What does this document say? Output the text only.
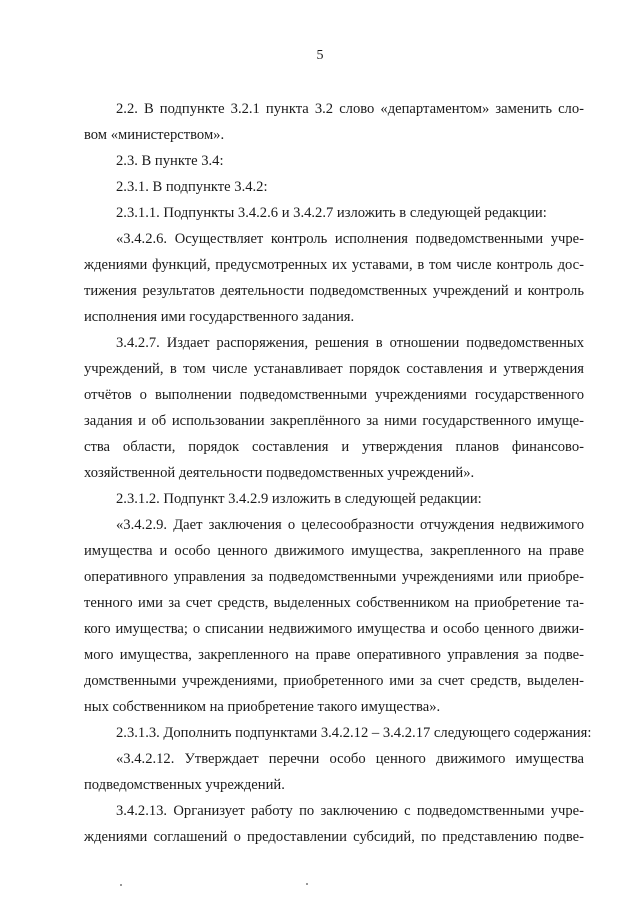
5
2.2. В подпункте 3.2.1 пункта 3.2 слово «департаментом» заменить сло-
вом «министерством».
2.3. В пункте 3.4:
2.3.1. В подпункте 3.4.2:
2.3.1.1. Подпункты 3.4.2.6 и 3.4.2.7 изложить в следующей редакции:
«3.4.2.6. Осуществляет контроль исполнения подведомственными учре-
ждениями функций, предусмотренных их уставами, в том числе контроль дос-
тижения результатов деятельности подведомственных учреждений и контроль
исполнения ими государственного задания.
3.4.2.7. Издает распоряжения, решения в отношении подведомственных
учреждений, в том числе устанавливает порядок составления и утверждения
отчётов о выполнении подведомственными учреждениями государственного
задания и об использовании закреплённого за ними государственного имуще-
ства области, порядок составления и утверждения планов финансово-
хозяйственной деятельности подведомственных учреждений».
2.3.1.2. Подпункт 3.4.2.9 изложить в следующей редакции:
«3.4.2.9. Дает заключения о целесообразности отчуждения недвижимого
имущества и особо ценного движимого имущества, закрепленного на праве
оперативного управления за подведомственными учреждениями или приобре-
тенного ими за счет средств, выделенных собственником на приобретение та-
кого имущества; о списании недвижимого имущества и особо ценного движи-
мого имущества, закрепленного на праве оперативного управления за подве-
домственными учреждениями, приобретенного ими за счет средств, выделен-
ных собственником на приобретение такого имущества».
2.3.1.3. Дополнить подпунктами 3.4.2.12 – 3.4.2.17 следующего содержания:
«3.4.2.12. Утверждает перечни особо ценного движимого имущества
подведомственных учреждений.
3.4.2.13. Организует работу по заключению с подведомственными учре-
ждениями соглашений о предоставлении субсидий, по представлению подве-
